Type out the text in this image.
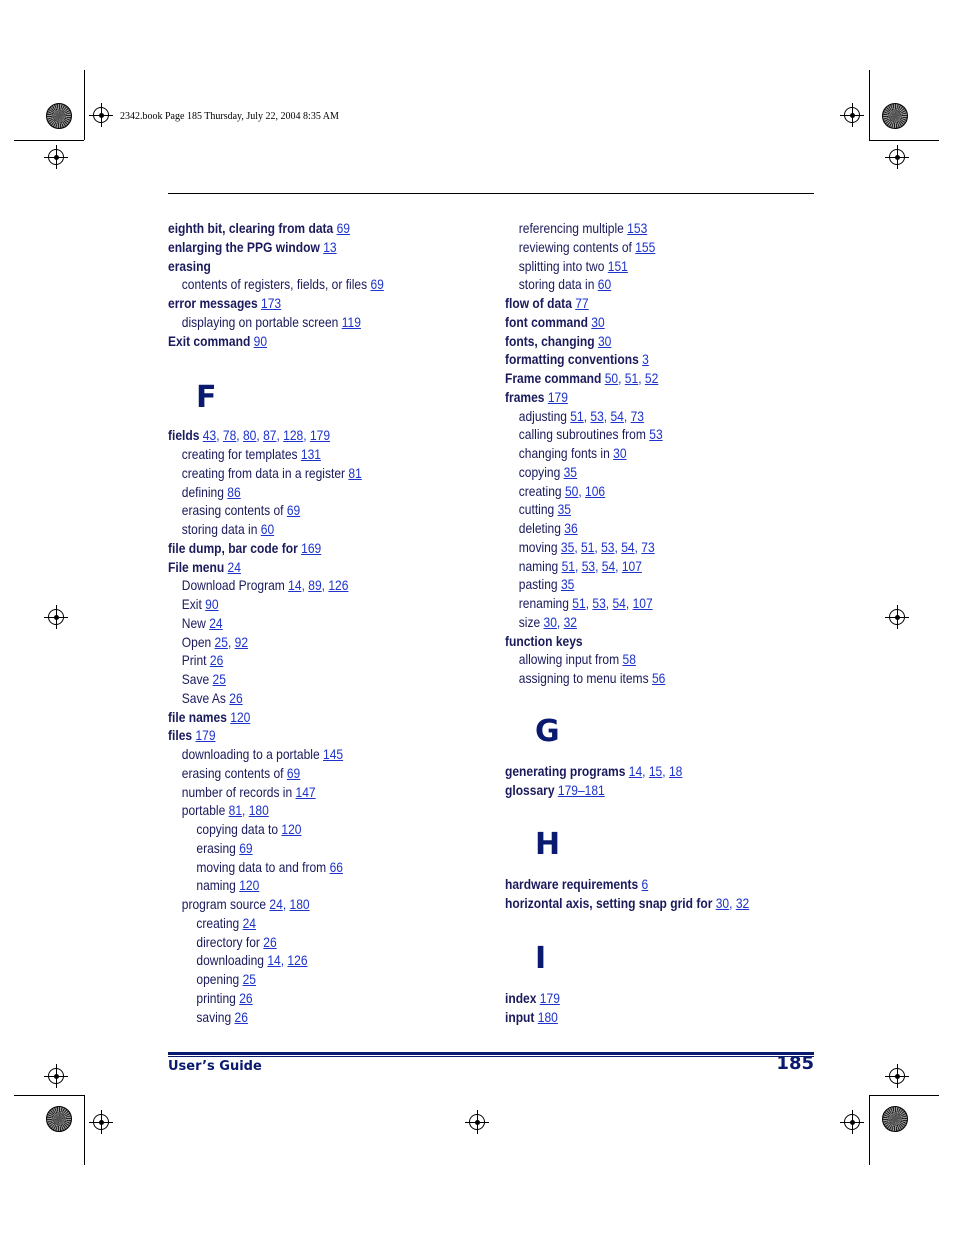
2342.book Page 185 Thursday, July 22, 2004 8:35 AM
eighth bit, clearing from data 69
enlarging the PPG window 13
erasing
contents of registers, fields, or files 69
error messages 173
displaying on portable screen 119
Exit command 90
F
fields 43, 78, 80, 87, 128, 179
creating for templates 131
creating from data in a register 81
defining 86
erasing contents of 69
storing data in 60
file dump, bar code for 169
File menu 24
Download Program 14, 89, 126
Exit 90
New 24
Open 25, 92
Print 26
Save 25
Save As 26
file names 120
files 179
downloading to a portable 145
erasing contents of 69
number of records in 147
portable 81, 180
copying data to 120
erasing 69
moving data to and from 66
naming 120
program source 24, 180
creating 24
directory for 26
downloading 14, 126
opening 25
printing 26
saving 26
referencing multiple 153
reviewing contents of 155
splitting into two 151
storing data in 60
flow of data 77
font command 30
fonts, changing 30
formatting conventions 3
Frame command 50, 51, 52
frames 179
adjusting 51, 53, 54, 73
calling subroutines from 53
changing fonts in 30
copying 35
creating 50, 106
cutting 35
deleting 36
moving 35, 51, 53, 54, 73
naming 51, 53, 54, 107
pasting 35
renaming 51, 53, 54, 107
size 30, 32
function keys
allowing input from 58
assigning to menu items 56
G
generating programs 14, 15, 18
glossary 179–181
H
hardware requirements 6
horizontal axis, setting snap grid for 30, 32
I
index 179
input 180
User’s Guide	185
